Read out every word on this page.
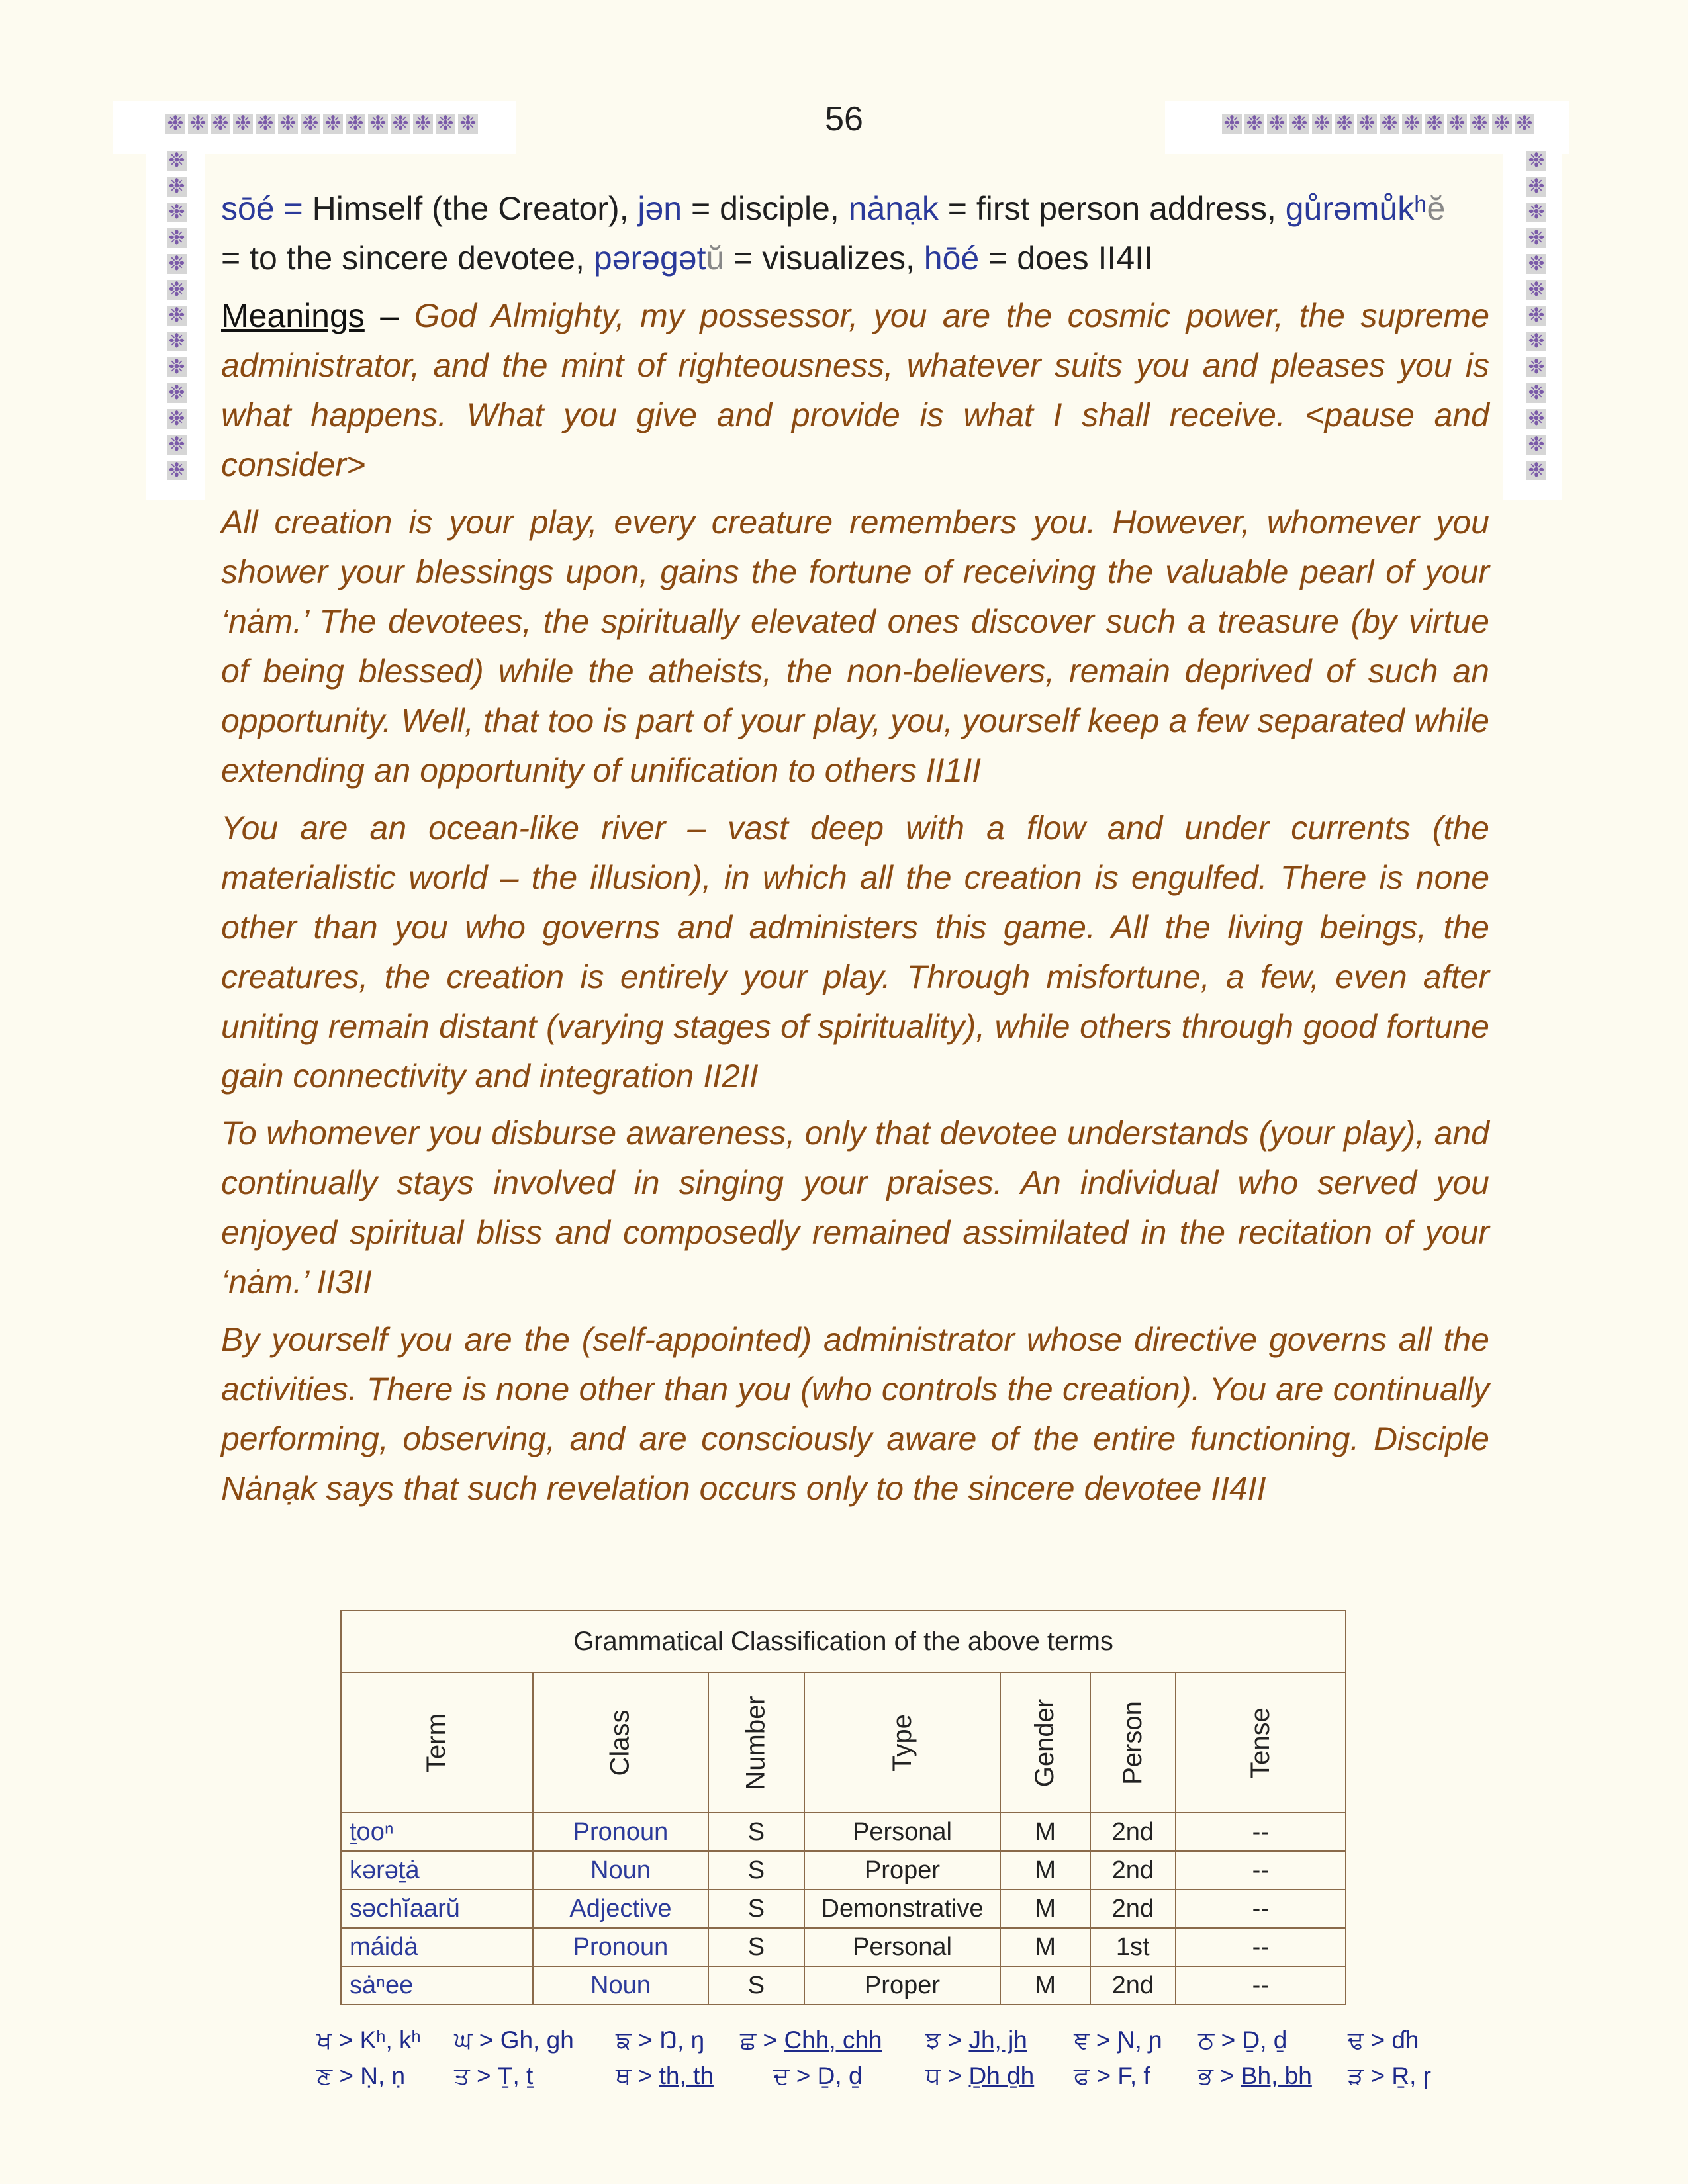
❉ ❉ ❉ ❉ ❉ ❉ ❉ ❉ ❉ ❉ ❉ ❉ ❉ ❉	❉ ❉ ❉ ❉ ❉ ❉ ❉ ❉ ❉ ❉ ❉ ❉ ❉ ❉
❉
❉
❉
❉
❉
❉
❉
❉
❉
❉
❉
❉
❉
❉
❉
❉
❉
❉
❉
❉
❉
❉
❉
❉
❉
❉
56
sōé = Himself (the Creator), jən = disciple, nȧnạk = first person address, gůrəmůkʰĕ
= to the sincere devotee, pərəgətŭ = visualizes, hōé = does II4II

Meanings – God Almighty, my possessor, you are the cosmic power, the supreme administrator, and the mint of righteousness, whatever suits you and pleases you is what happens. What you give and provide is what I shall receive. <pause and consider>

All creation is your play, every creature remembers you. However, whomever you shower your blessings upon, gains the fortune of receiving the valuable pearl of your ‘nȧm.’ The devotees, the spiritually elevated ones discover such a treasure (by virtue of being blessed) while the atheists, the non-believers, remain deprived of such an opportunity. Well, that too is part of your play, you, yourself keep a few separated while extending an opportunity of unification to others II1II

You are an ocean-like river – vast deep with a flow and under currents (the materialistic world – the illusion), in which all the creation is engulfed. There is none other than you who governs and administers this game. All the living beings, the creatures, the creation is entirely your play. Through misfortune, a few, even after uniting remain distant (varying stages of spirituality), while others through good fortune gain connectivity and integration II2II

To whomever you disburse awareness, only that devotee understands (your play), and continually stays involved in singing your praises. An individual who served you enjoyed spiritual bliss and composedly remained assimilated in the recitation of your ‘nȧm.’ II3II

By yourself you are the (self-appointed) administrator whose directive governs all the activities. There is none other than you (who controls the creation). You are continually performing, observing, and are consciously aware of the entire functioning. Disciple Nȧnạk says that such revelation occurs only to the sincere devotee II4II

Grammatical Classification of the above terms						
Term	Class	Number	Type	Gender	Person	Tense
ṯooⁿ	Pronoun	S	Personal	M	2nd	--
kərəṯȧ	Noun	S	Proper	M	2nd	--
səchĭaarŭ	Adjective	S	Demonstrative	M	2nd	--
máidȧ	Pronoun	S	Personal	M	1st	--
sȧⁿee	Noun	S	Proper	M	2nd	--
ਖ > Kʰ, kʰ ਘ > Gh, gh ਙ > Ŋ, ŋ ਛ > Chh, chh ਝ > Jh, jh ਞ > Ɲ, ɲ ਠ > Ḏ, ḏ ਢ > ɗh
ਣ > Ṇ, ṇ ਤ > Ṯ, ṯ	ਥ > th, th ਦ > Ḏ, ḏ	ਧ > Ḏh ḏh ਫ > F, f ਭ > Bh, bh ੜ > Ṟ, ɼ
